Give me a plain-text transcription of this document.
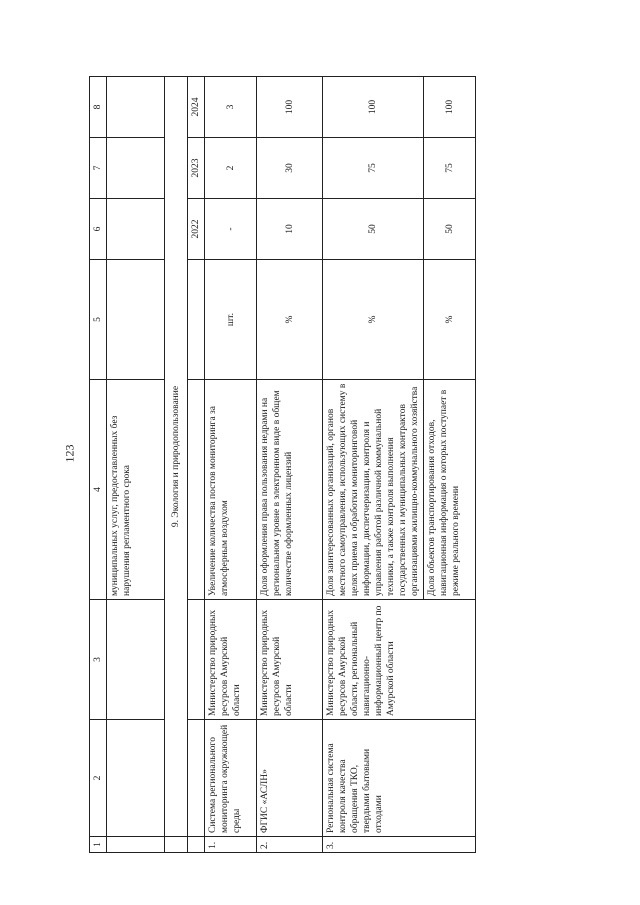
123
1	2	3	4	5	6	7	8
			муниципальных услуг, предоставленных без нарушения регламентного срока				
	9. Экология и природопользование						
					2022	2023	2024
1.	Система регионального мониторинга окружающей среды	Министерство природных ресурсов Амурской области	Увеличение количества постов мониторинга за атмосферным воздухом	шт.	-	2	3
2.	ФГИС «АСЛН»	Министерство природных ресурсов Амурской области	Доля оформления права пользования недрами на региональном уровне в электронном виде в общем количестве оформленных лицензий	%	10	30	100
3.	Региональная система контроля качества обращения ТКО, твердыми бытовыми отходами	Министерство природных ресурсов Амурской области, региональный навигационно-информационный центр по Амурской области	Доля заинтересованных организаций, органов местного самоуправления, использующих систему в целях приема и обработки мониторинговой информации, диспетчеризации, контроля и управления работой различной коммунальной техники, а также контроля выполнения государственных и муниципальных контрактов организациями жилищно-коммунального хозяйства	%	50	75	100
			Доля объектов транспортирования отходов, навигационная информация о которых поступает в режиме реального времени	%	50	75	100
